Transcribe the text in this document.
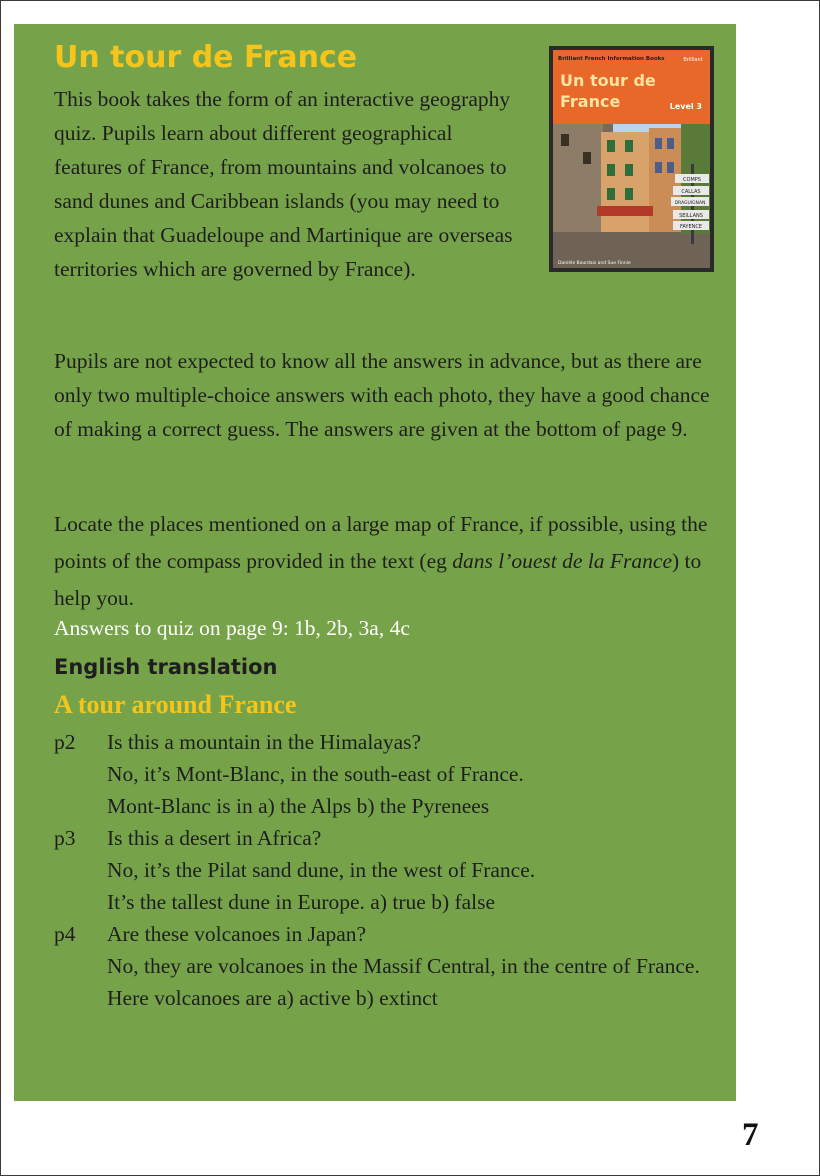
Un tour de France

This book takes the form of an interactive geography quiz. Pupils learn about different geographical features of France, from mountains and volcanoes to sand dunes and Caribbean islands (you may need to explain that Guadeloupe and Martinique are overseas territories which are governed by France).

Brilliant French Information Books	Brilliant
Un tour de
France	Level 3
COMPS
CALLAS
DRAGUIGNAN
SEILLANS
FAYENCE
Danièle Bourdais and Sue Finnie

Pupils are not expected to know all the answers in advance, but as there are only two multiple-choice answers with each photo, they have a good chance of making a correct guess. The answers are given at the bottom of page 9.

Locate the places mentioned on a large map of France, if possible, using the points of the compass provided in the text (eg dans l’ouest de la France) to help you.

Answers to quiz on page 9: 1b, 2b, 3a, 4c

English translation
A tour around France
p2	Is this a mountain in the Himalayas?
No, it’s Mont-Blanc, in the south-east of France.
Mont-Blanc is in a) the Alps b) the Pyrenees
p3	Is this a desert in Africa?
No, it’s the Pilat sand dune, in the west of France.
It’s the tallest dune in Europe. a) true b) false
p4	Are these volcanoes in Japan?
No, they are volcanoes in the Massif Central, in the centre of France.
Here volcanoes are a) active b) extinct
7
